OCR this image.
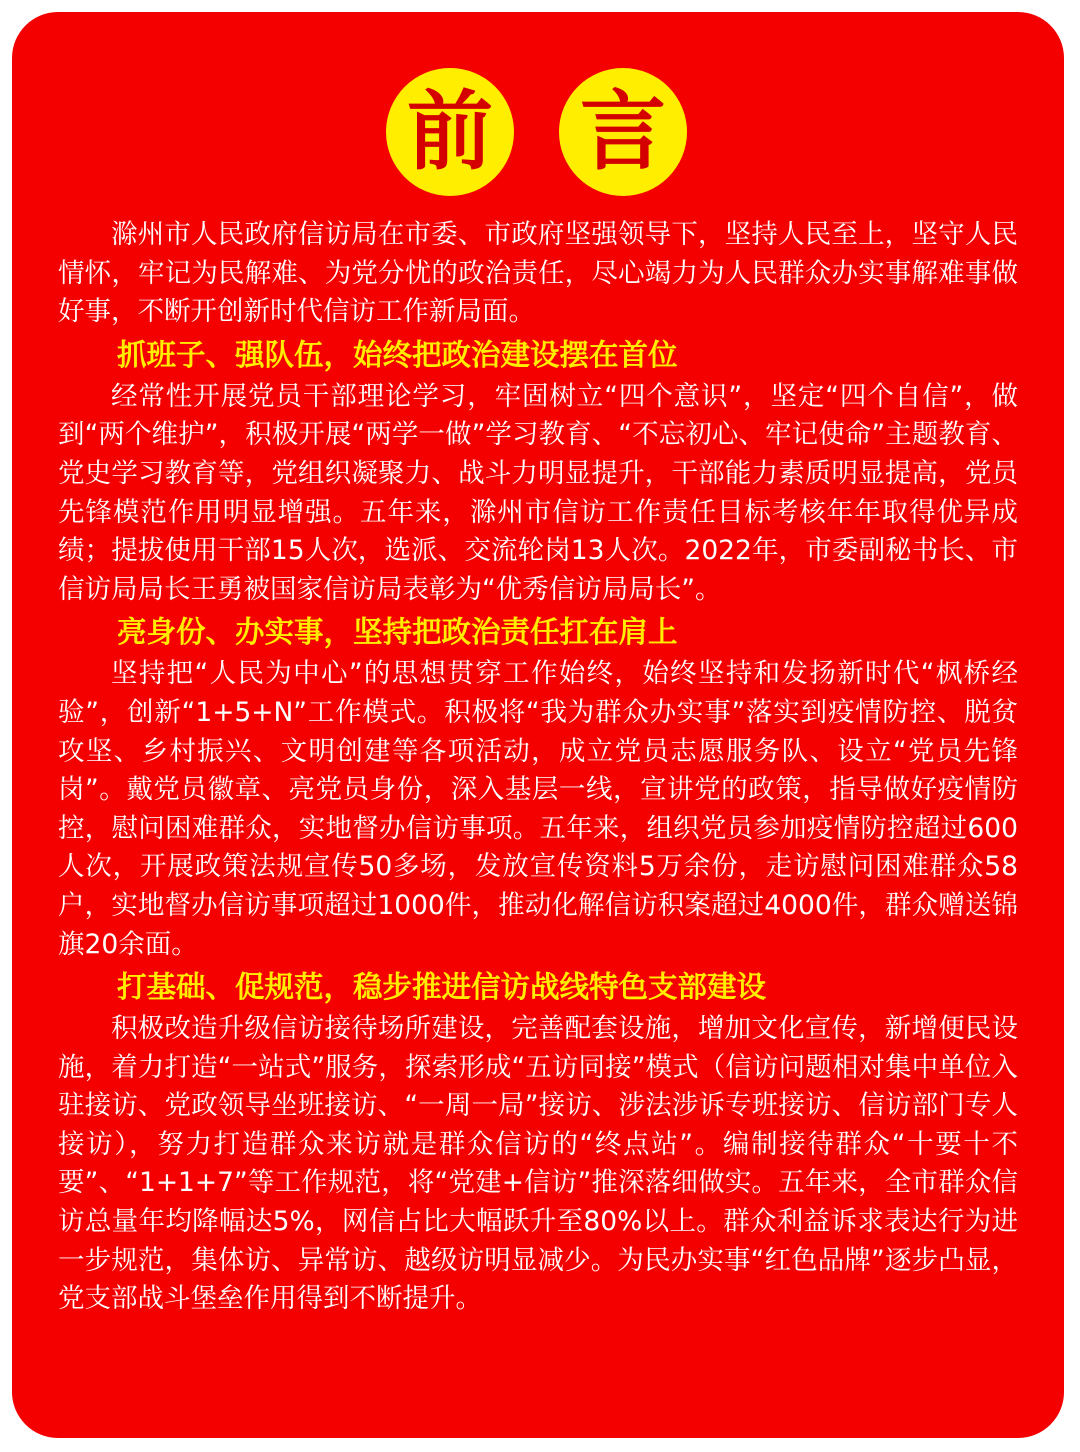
前 言

滁州市人民政府信访局在市委、市政府坚强领导下，坚持人民至上，坚守人民情怀，牢记为民解难、为党分忧的政治责任，尽心竭力为人民群众办实事解难事做好事，不断开创新时代信访工作新局面。

抓班子、强队伍，始终把政治建设摆在首位

经常性开展党员干部理论学习，牢固树立“四个意识”，坚定“四个自信”，做到“两个维护”，积极开展“两学一做”学习教育、“不忘初心、牢记使命”主题教育、党史学习教育等，党组织凝聚力、战斗力明显提升，干部能力素质明显提高，党员先锋模范作用明显增强。五年来，滁州市信访工作责任目标考核年年取得优异成绩；提拔使用干部15人次，选派、交流轮岗13人次。2022年，市委副秘书长、市信访局局长王勇被国家信访局表彰为“优秀信访局局长”。

亮身份、办实事，坚持把政治责任扛在肩上

坚持把“人民为中心”的思想贯穿工作始终，始终坚持和发扬新时代“枫桥经验”，创新“1+5+N”工作模式。积极将“我为群众办实事”落实到疫情防控、脱贫攻坚、乡村振兴、文明创建等各项活动，成立党员志愿服务队、设立“党员先锋岗”。戴党员徽章、亮党员身份，深入基层一线，宣讲党的政策，指导做好疫情防控，慰问困难群众，实地督办信访事项。五年来，组织党员参加疫情防控超过600人次，开展政策法规宣传50多场，发放宣传资料5万余份，走访慰问困难群众58户，实地督办信访事项超过1000件，推动化解信访积案超过4000件，群众赠送锦旗20余面。

打基础、促规范，稳步推进信访战线特色支部建设

积极改造升级信访接待场所建设，完善配套设施，增加文化宣传，新增便民设施，着力打造“一站式”服务，探索形成“五访同接”模式（信访问题相对集中单位入驻接访、党政领导坐班接访、“一周一局”接访、涉法涉诉专班接访、信访部门专人接访），努力打造群众来访就是群众信访的“终点站”。编制接待群众“十要十不要”、“1+1+7”等工作规范，将“党建+信访”推深落细做实。五年来，全市群众信访总量年均降幅达5%，网信占比大幅跃升至80%以上。群众利益诉求表达行为进一步规范，集体访、异常访、越级访明显减少。为民办实事“红色品牌”逐步凸显，党支部战斗堡垒作用得到不断提升。
